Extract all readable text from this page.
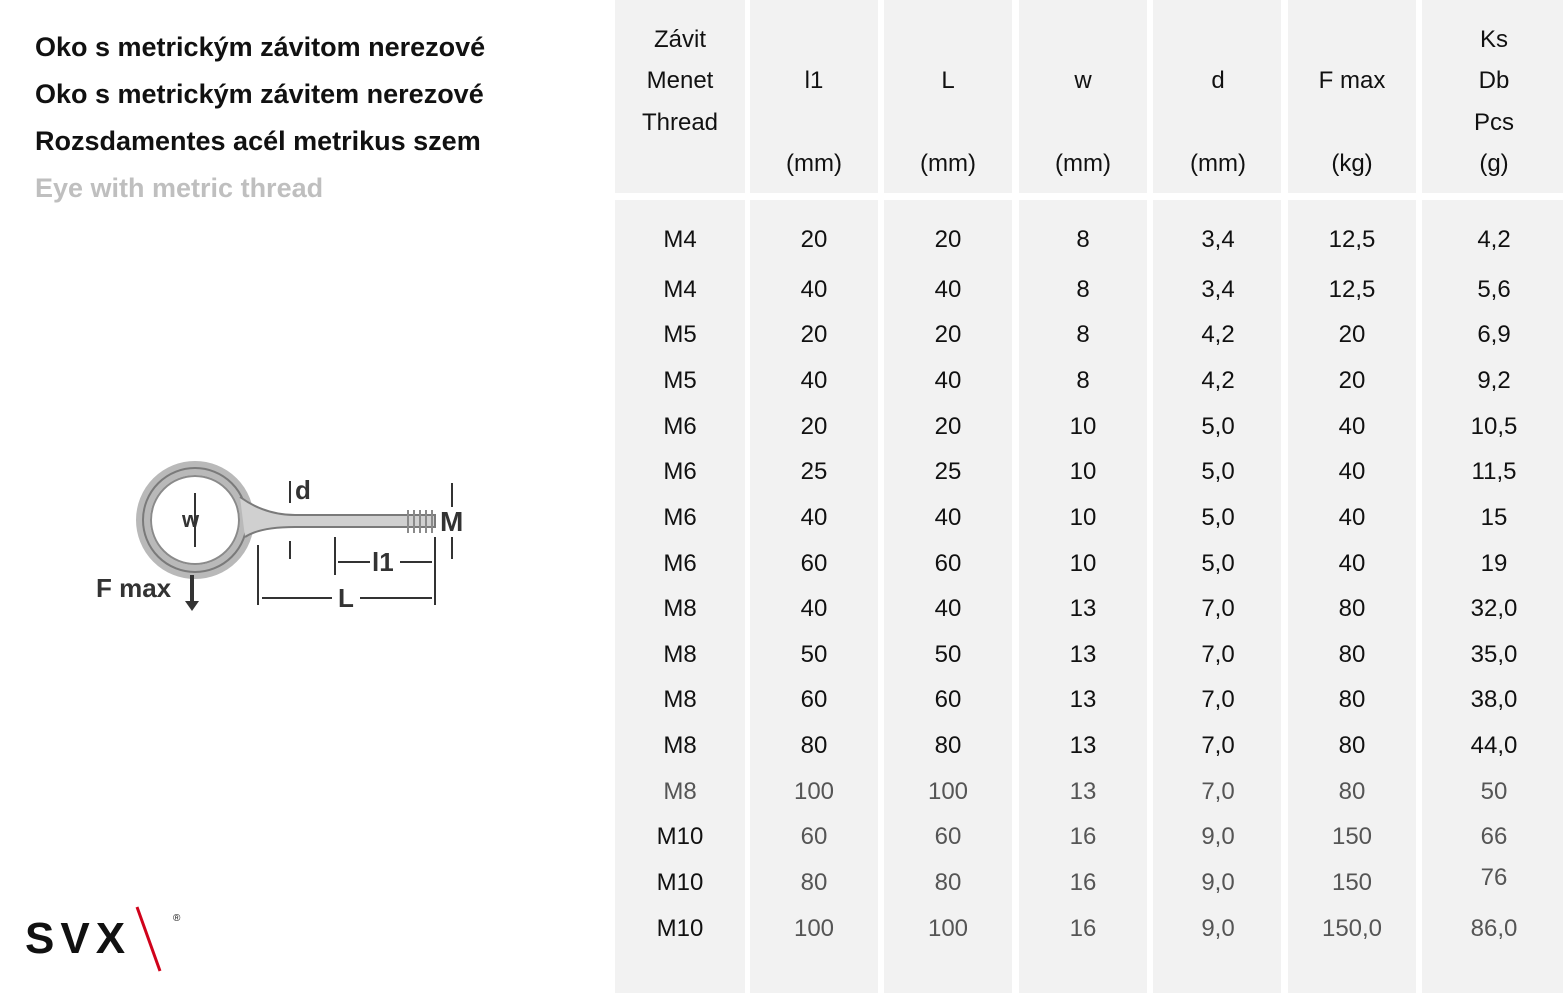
Oko s metrickým závitom nerezové
Oko s metrickým závitem nerezové
Rozsdamentes acél metrikus szem
Eye with metric thread
w
d
M
l1
L
F max
SVX	®
Závit
Menet
Thread
l1
(mm)
L
(mm)
w
(mm)
d
(mm)
F max
(kg)
Ks
Db
Pcs
(g)
M4	20	20	8	3,4	12,5	4,2
M4	40	40	8	3,4	12,5	5,6
M5	20	20	8	4,2	20	6,9
M5	40	40	8	4,2	20	9,2
M6	20	20	10	5,0	40	10,5
M6	25	25	10	5,0	40	11,5
M6	40	40	10	5,0	40	15
M6	60	60	10	5,0	40	19
M8	40	40	13	7,0	80	32,0
M8	50	50	13	7,0	80	35,0
M8	60	60	13	7,0	80	38,0
M8	80	80	13	7,0	80	44,0
M8	100	100	13	7,0	80	50
M10	60	60	16	9,0	150	66
M10	80	80	16	9,0	150	76
M10	100	100	16	9,0	150,0	86,0
